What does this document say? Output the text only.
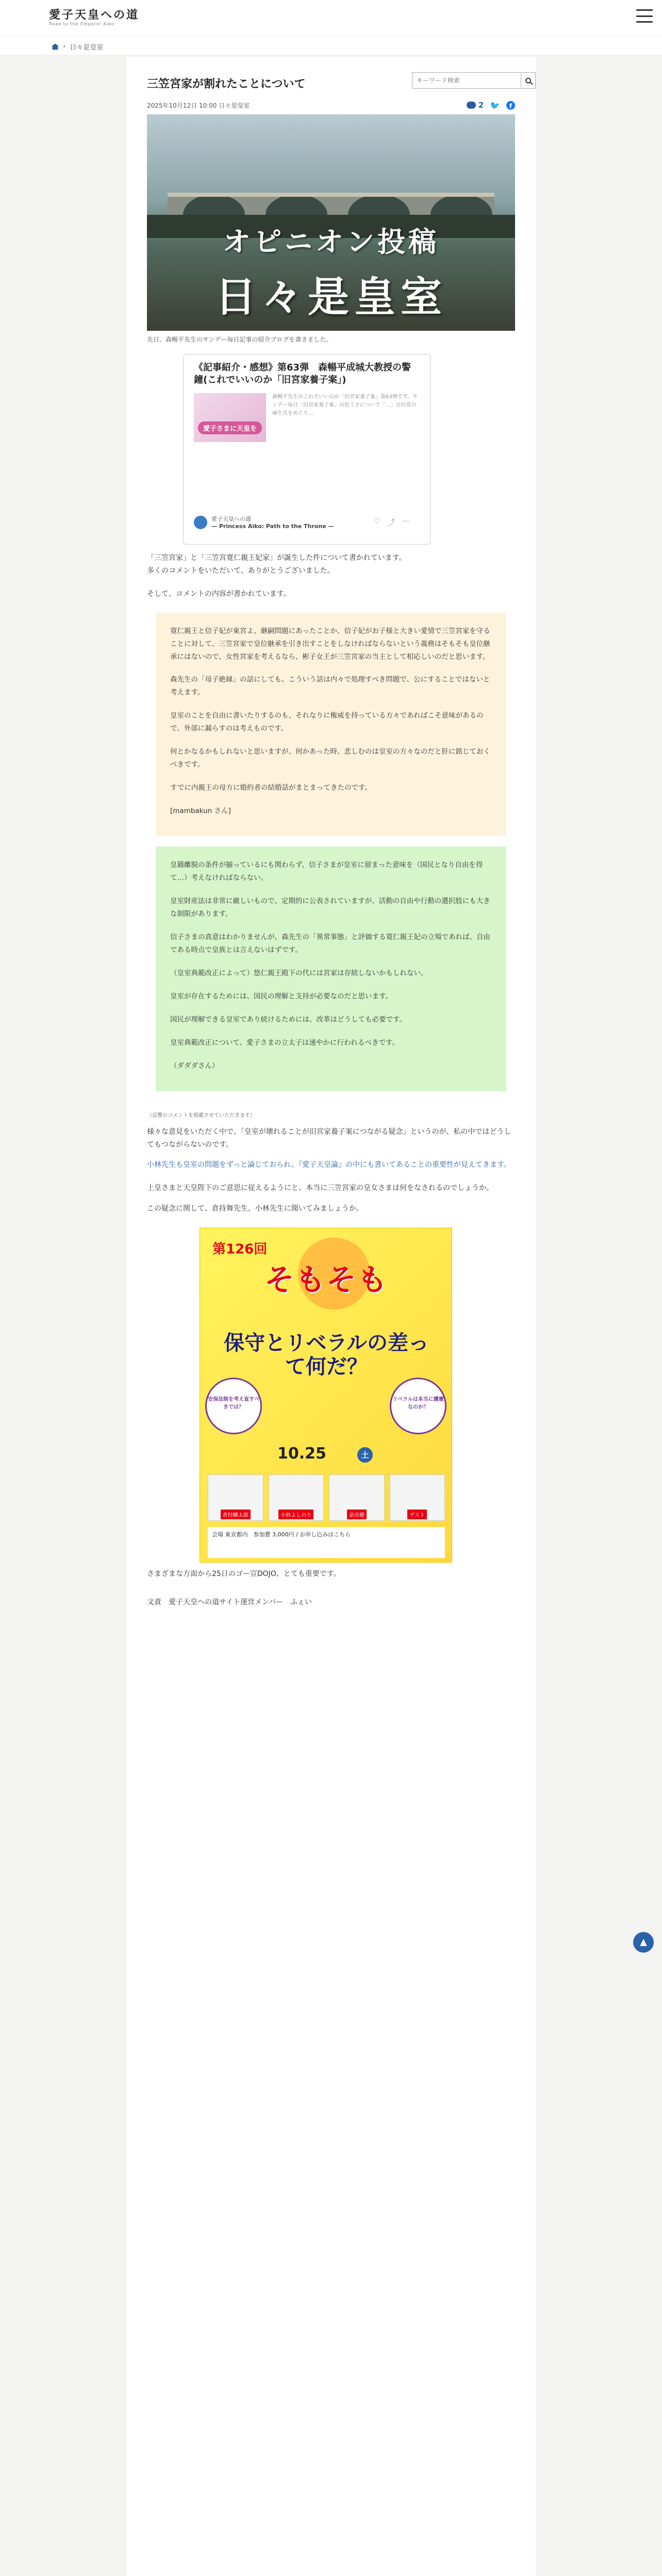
愛子天皇への道
Road to the Emperor Aiko
› 日々是皇室
三笠宮家が割れたことについて
キーワード検索
2025年10月12日 10:00 日々是皇室	2 🐦	f
オピニオン投稿
日々是皇室

先日、森暢平先生のサンデー毎日記事の紹介ブログを書きました。

《記事紹介・感想》第63弾　森暢平成城大教授の警鐘(これでいいのか「旧宮家養子案」)
愛子さまに天皇を
森暢平先生のこれでいいのか「旧宮家養子案」第63弾です。サンデー毎日「旧宮家養子案」の危うさについて「…」自民党の麻生氏をめぐり…
愛子天皇への道
— Princess Aiko: Path to the Throne —
♡ ⤴ ⋯

「三笠宮家」と「三笠宮寛仁親王妃家」が誕生した件について書かれています。

多くのコメントをいただいて、ありがとうございました。

そして、コメントの内容が書かれています。

寛仁親王と信子妃が東宮よ、継嗣問題にあったことか、信子妃がお子様と大きい愛情で三笠宮家を守ることに対して、三笠宮家で皇位継承を引き出すことをしなければならないという義務はそもそも皇位継承にはないので、女性宮家を考えるなら、彬子女王が三笠宮家の当主として相応しいのだと思います。

森先生の「母子絶縁」の話にしても、こういう話は内々で処理すべき問題で、公にすることではないと考えます。

皇室のことを自由に書いたりするのも、それなりに権威を持っている方々であればこそ意味があるので、外部に漏らすのは考えものです。

何とかなるかもしれないと思いますが、何かあった時、悲しむのは皇室の方々なのだと肝に銘じておくべきです。

すでに内親王の母方に婚約者の結婚話がまとまってきたのです。

[mambakun さん]

皇籍離脱の条件が揃っているにも関わらず、信子さまが皇室に留まった意味を（国民となり自由を得て…）考えなければならない。

皇室財産法は非常に厳しいもので、定期的に公表されていますが、活動の自由や行動の選択肢にも大きな制限があります。

信子さまの真意はわかりませんが、森先生の「異常事態」と評価する寛仁親王妃の立場であれば、自由である時点で皇族とは言えないはずです。

（皇室典範改正によって）悠仁親王殿下の代には宮家は存続しないかもしれない。

皇室が存在するためには、国民の理解と支持が必要なのだと思います。

国民が理解できる皇室であり続けるためには、改革はどうしても必要です。

皇室典範改正について、愛子さまの立太子は速やかに行われるべきです。

（ダダダさん）

（反響のコメントを掲載させていただきます）

様々な意見をいただく中で、「皇室が壊れることが旧宮家養子案につながる疑念」というのが、私の中ではどうしてもつながらないのです。

小林先生も皇室の問題をずっと論じておられ、『愛子天皇論』の中にも書いてあることの重要性が見えてきます。

上皇さまと天皇陛下のご意思に従えるようにと、本当に三笠宮家の皇女さまは何をなされるのでしょうか。

この疑念に関して、倉持舞先生、小林先生に聞いてみましょうか。

第126回
そもそも
保守とリベラルの差って何だ？
安保法制を考え直すべきでは？
リベラルは本当に護憲なのか？
10.25	土
倉持麟太郎	小林よしのり	泉房穂	ゲスト
会場 東京都内　参加費 3,000円 / お申し込みはこちら

さまざまな方面から25日のゴー宣DOJO、とても重要です。

文責　愛子天皇への道サイト運営メンバー　ふぇい

▲
